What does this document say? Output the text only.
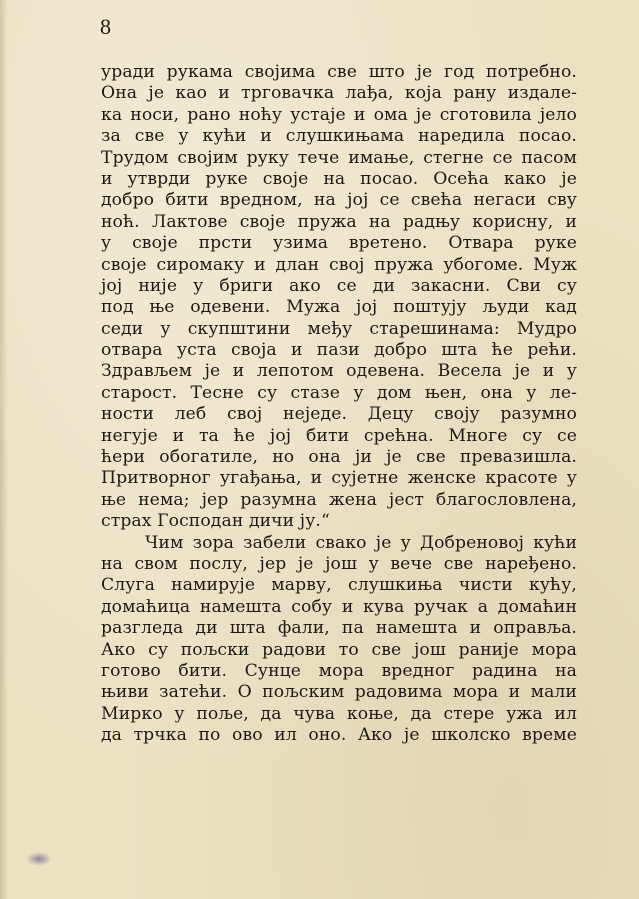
8
уради рукама својима све што је год потребно.
Она је као и трговачка лађа, која рану издале-
ка носи, рано ноћу устаје и ома је сготовила јело
за све у кући и слушкињама наредила посао.
Трудом својим руку тече имање, стегне се пасом
и утврди руке своје на посао. Осећа како је
добро бити вредном, на јој се свећа негаси сву
ноћ. Лактове своје пружа на радњу корисну, и
у своје прсти узима вретено. Отвара руке
своје сиромаку и длан свој пружа убогоме. Муж
јој није у бриги ако се ди закасни. Сви су
под ње одевени. Мужа јој поштују људи кад
седи у скупштини међу старешинама: Мудро
отвара уста своја и пази добро шта ће рећи.
Здрављем је и лепотом одевена. Весела је и у
старост. Тесне су стазе у дом њен, она у ле-
ности леб свој неједе. Децу своју разумно
негује и та ће јој бити срећна. Многе су се
ћери обогатиле, но она ји је све превазишла.
Притворног угађања, и сујетне женске красоте у
ње нема; јер разумна жена јест благословлена,
страх Господан дичи ју.“
Чим зора забели свако је у Добреновој кући
на свом послу, јер је још у вече све наређено.
Слуга намирује марву, слушкиња чисти кућу,
домаћица намешта собу и кува ручак а домаћин
разгледа ди шта фали, па намешта и оправља.
Ако су пољски радови то све још раније мора
готово бити. Сунце мора вредног радина на
њиви затећи. О пољским радовима мора и мали
Мирко у поље, да чува коње, да стере ужа ил
да трчка по ово ил оно. Ако је школско време
